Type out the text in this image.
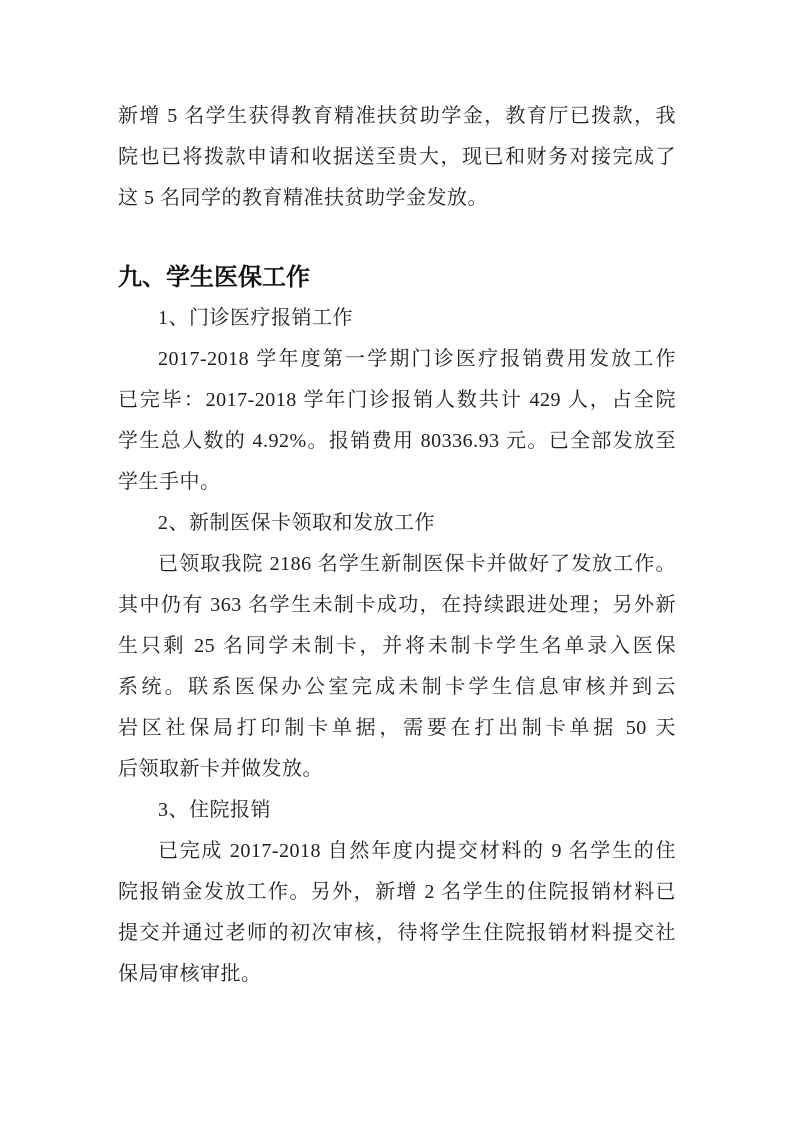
新增 5 名学生获得教育精准扶贫助学金，教育厅已拨款，我
院也已将拨款申请和收据送至贵大，现已和财务对接完成了
这 5 名同学的教育精准扶贫助学金发放。
九、学生医保工作
1、门诊医疗报销工作
2017-2018 学年度第一学期门诊医疗报销费用发放工作
已完毕：2017-2018 学年门诊报销人数共计 429 人，占全院
学生总人数的 4.92%。报销费用 80336.93 元。已全部发放至
学生手中。
2、新制医保卡领取和发放工作
已领取我院 2186 名学生新制医保卡并做好了发放工作。
其中仍有 363 名学生未制卡成功，在持续跟进处理；另外新
生只剩 25 名同学未制卡，并将未制卡学生名单录入医保
系统。联系医保办公室完成未制卡学生信息审核并到云
岩区社保局打印制卡单据，需要在打出制卡单据 50 天
后领取新卡并做发放。
3、住院报销
已完成 2017-2018 自然年度内提交材料的 9 名学生的住
院报销金发放工作。另外，新增 2 名学生的住院报销材料已
提交并通过老师的初次审核，待将学生住院报销材料提交社
保局审核审批。
